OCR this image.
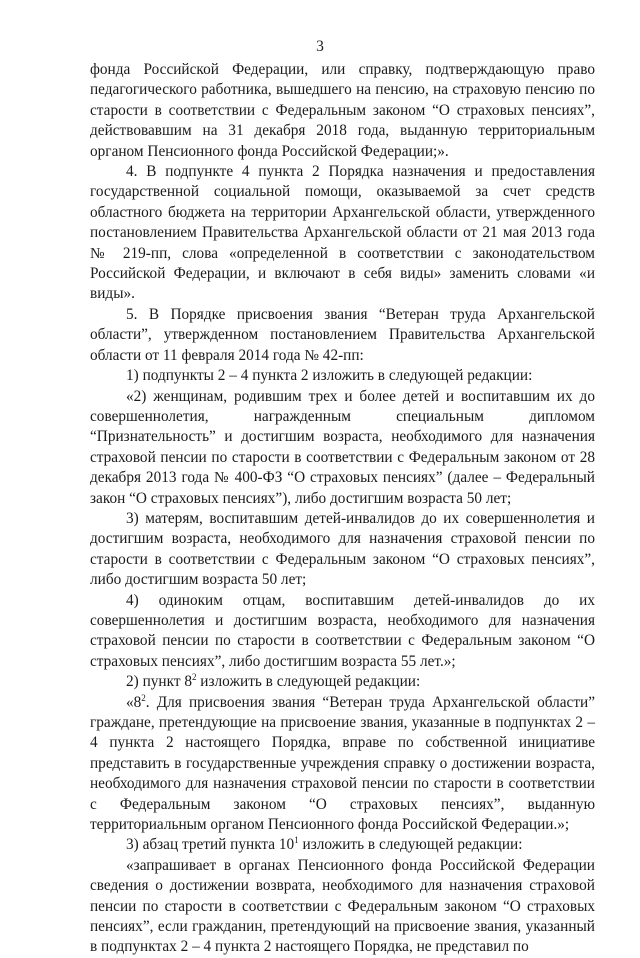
3

фонда Российской Федерации, или справку, подтверждающую право педагогического работника, вышедшего на пенсию, на страховую пенсию по старости в соответствии с Федеральным законом “О страховых пенсиях”, действовавшим на 31 декабря 2018 года, выданную территориальным органом Пенсионного фонда Российской Федерации;».

4. В подпункте 4 пункта 2 Порядка назначения и предоставления государственной социальной помощи, оказываемой за счет средств областного бюджета на территории Архангельской области, утвержденного постановлением Правительства Архангельской области от 21 мая 2013 года № 219-пп, слова «определенной в соответствии с законодательством Российской Федерации, и включают в себя виды» заменить словами «и виды».

5. В Порядке присвоения звания “Ветеран труда Архангельской области”, утвержденном постановлением Правительства Архангельской области от 11 февраля 2014 года № 42-пп:

1) подпункты 2 – 4 пункта 2 изложить в следующей редакции:

«2) женщинам, родившим трех и более детей и воспитавшим их до совершеннолетия, награжденным специальным дипломом “Признательность” и достигшим возраста, необходимого для назначения страховой пенсии по старости в соответствии с Федеральным законом от 28 декабря 2013 года № 400-ФЗ “О страховых пенсиях” (далее – Федеральный закон “О страховых пенсиях”), либо достигшим возраста 50 лет;

3) матерям, воспитавшим детей-инвалидов до их совершеннолетия и достигшим возраста, необходимого для назначения страховой пенсии по старости в соответствии с Федеральным законом “О страховых пенсиях”, либо достигшим возраста 50 лет;

4) одиноким отцам, воспитавшим детей-инвалидов до их совершеннолетия и достигшим возраста, необходимого для назначения страховой пенсии по старости в соответствии с Федеральным законом “О страховых пенсиях”, либо достигшим возраста 55 лет.»;

2) пункт $8^2$ изложить в следующей редакции:

«$8^2$. Для присвоения звания “Ветеран труда Архангельской области” граждане, претендующие на присвоение звания, указанные в подпунктах 2 – 4 пункта 2 настоящего Порядка, вправе по собственной инициативе представить в государственные учреждения справку о достижении возраста, необходимого для назначения страховой пенсии по старости в соответствии с Федеральным законом “О страховых пенсиях”, выданную территориальным органом Пенсионного фонда Российской Федерации.»;

3) абзац третий пункта $10^1$ изложить в следующей редакции:

«запрашивает в органах Пенсионного фонда Российской Федерации сведения о достижении возврата, необходимого для назначения страховой пенсии по старости в соответствии с Федеральным законом “О страховых пенсиях”, если гражданин, претендующий на присвоение звания, указанный в подпунктах 2 – 4 пункта 2 настоящего Порядка, не представил по
